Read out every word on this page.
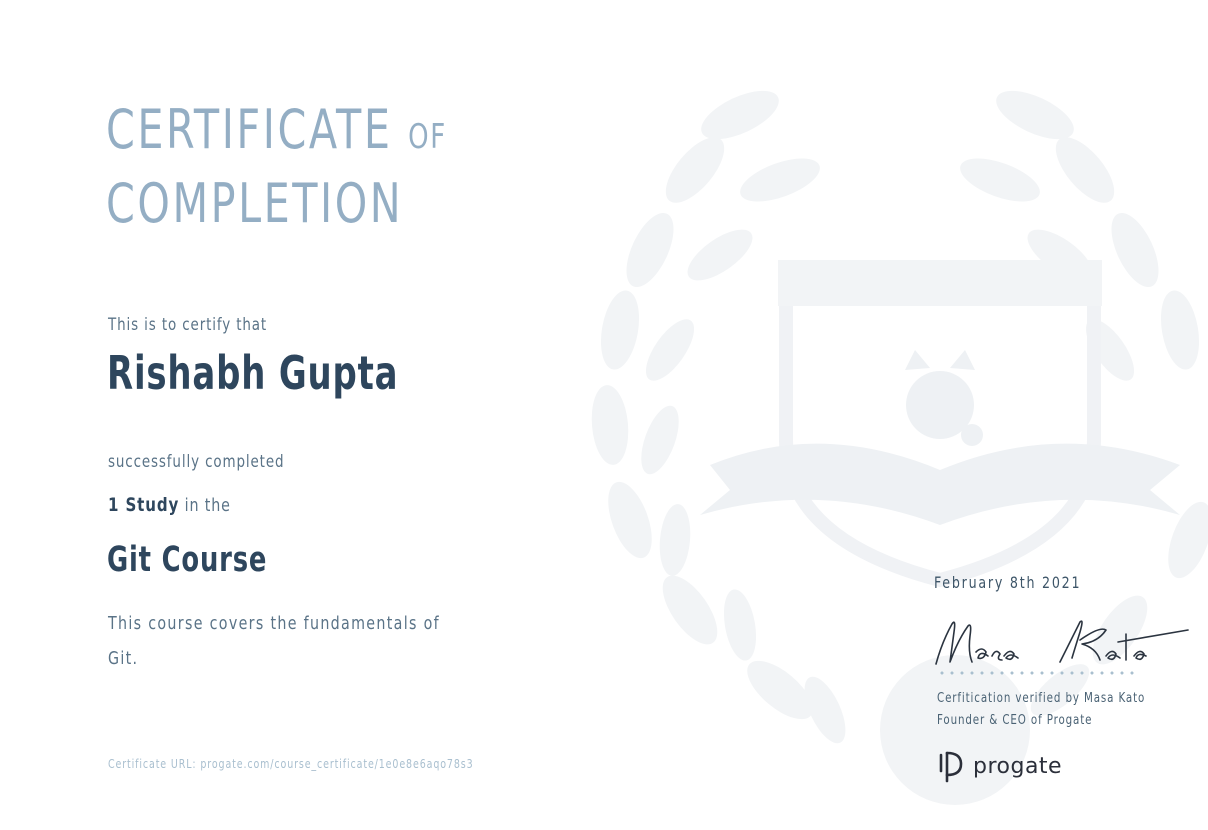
CERTIFICATE OF
COMPLETION
This is to certify that
Rishabh Gupta
successfully completed
1 Study in the
Git Course
This course covers the fundamentals of Git.
Certificate URL: progate.com/course_certificate/1e0e8e6aqo78s3
February 8th 2021
Cerfitication verified by Masa Kato
Founder & CEO of Progate
progate
